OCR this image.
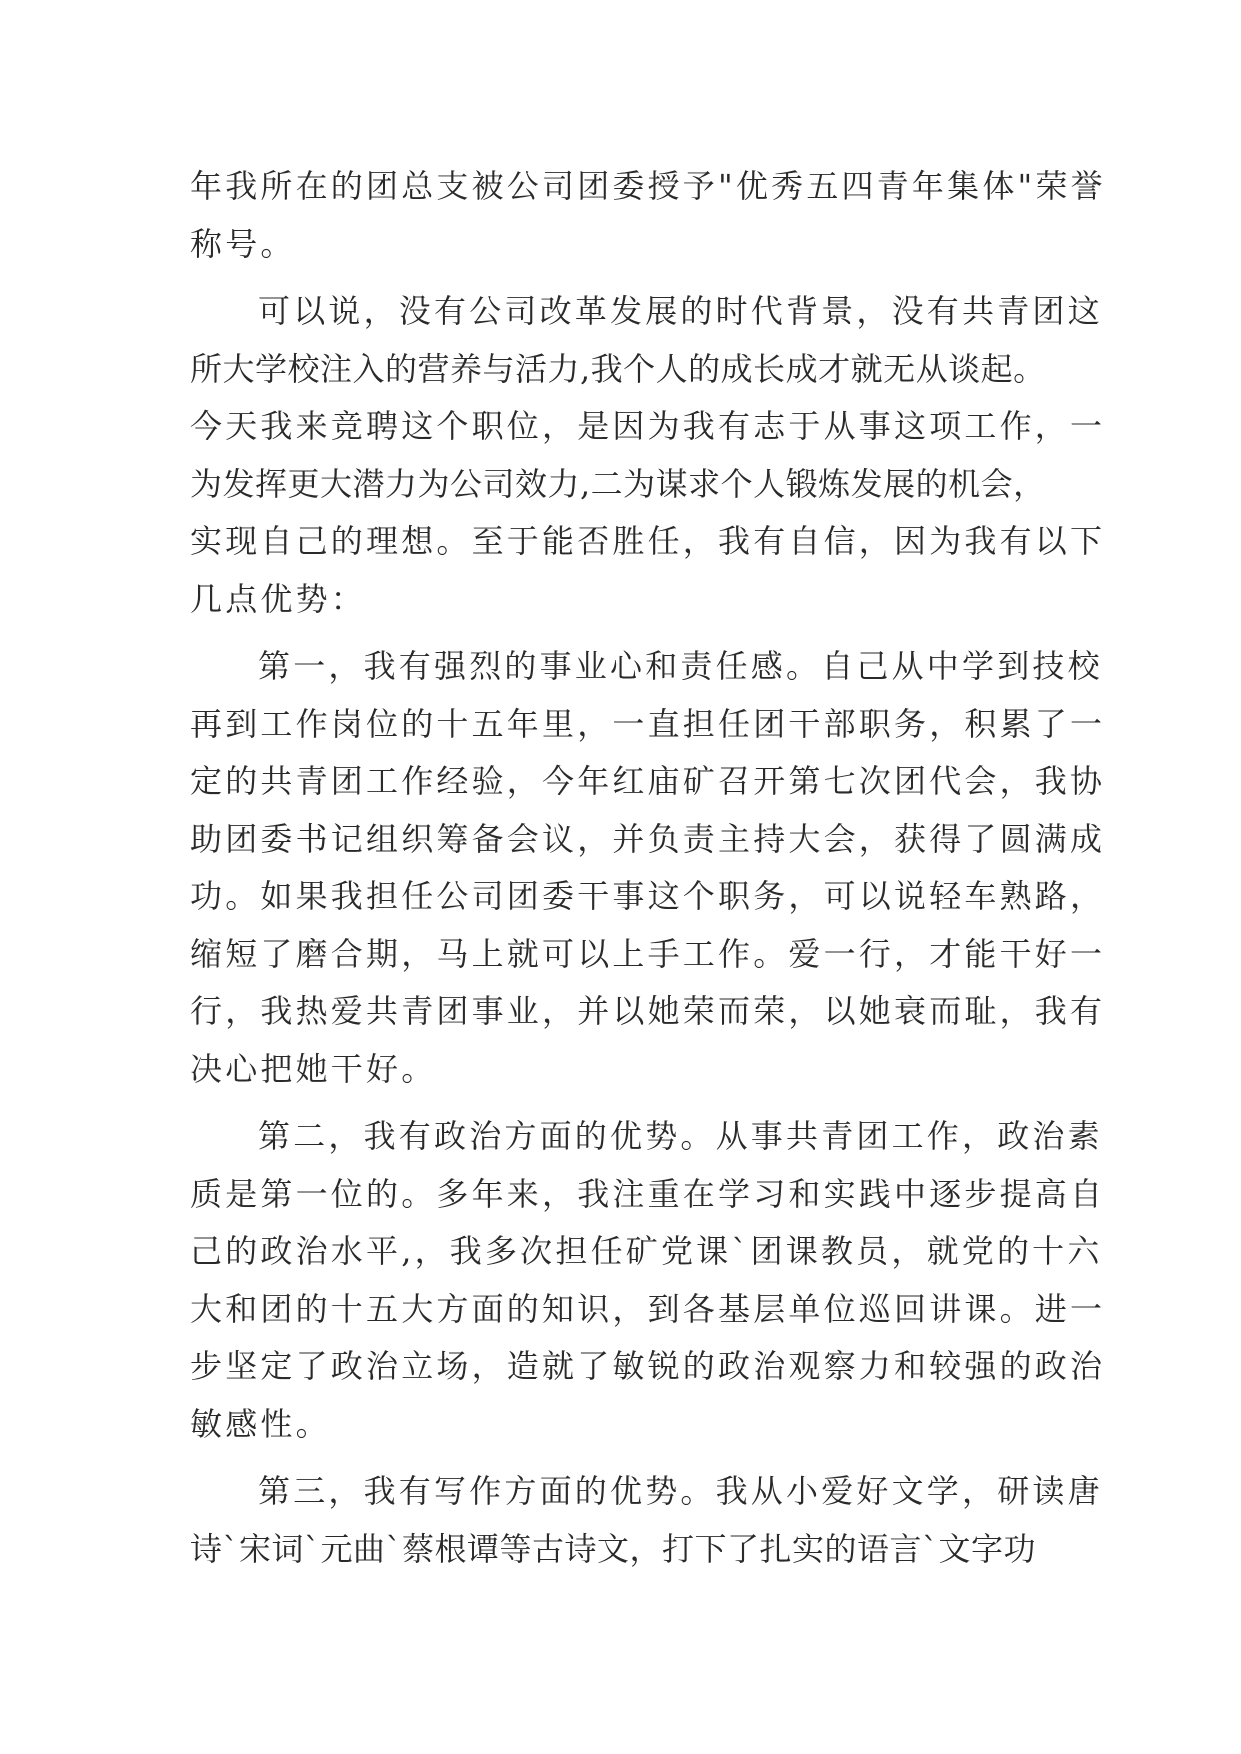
年我所在的团总支被公司团委授予"优秀五四青年集体"荣誉
称号。
可以说，没有公司改革发展的时代背景，没有共青团这
所大学校注入的营养与活力,我个人的成长成才就无从谈起。
今天我来竞聘这个职位，是因为我有志于从事这项工作，一
为发挥更大潜力为公司效力,二为谋求个人锻炼发展的机会，
实现自己的理想。至于能否胜任，我有自信，因为我有以下
几点优势：
第一，我有强烈的事业心和责任感。自己从中学到技校
再到工作岗位的十五年里，一直担任团干部职务，积累了一
定的共青团工作经验，今年红庙矿召开第七次团代会，我协
助团委书记组织筹备会议，并负责主持大会，获得了圆满成
功。如果我担任公司团委干事这个职务，可以说轻车熟路，
缩短了磨合期，马上就可以上手工作。爱一行，才能干好一
行，我热爱共青团事业，并以她荣而荣，以她衰而耻，我有
决心把她干好。
第二，我有政治方面的优势。从事共青团工作，政治素
质是第一位的。多年来，我注重在学习和实践中逐步提高自
己的政治水平,，我多次担任矿党课`团课教员，就党的十六
大和团的十五大方面的知识，到各基层单位巡回讲课。进一
步坚定了政治立场，造就了敏锐的政治观察力和较强的政治
敏感性。
第三，我有写作方面的优势。我从小爱好文学，研读唐
诗`宋词`元曲`蔡根谭等古诗文，打下了扎实的语言`文字功
